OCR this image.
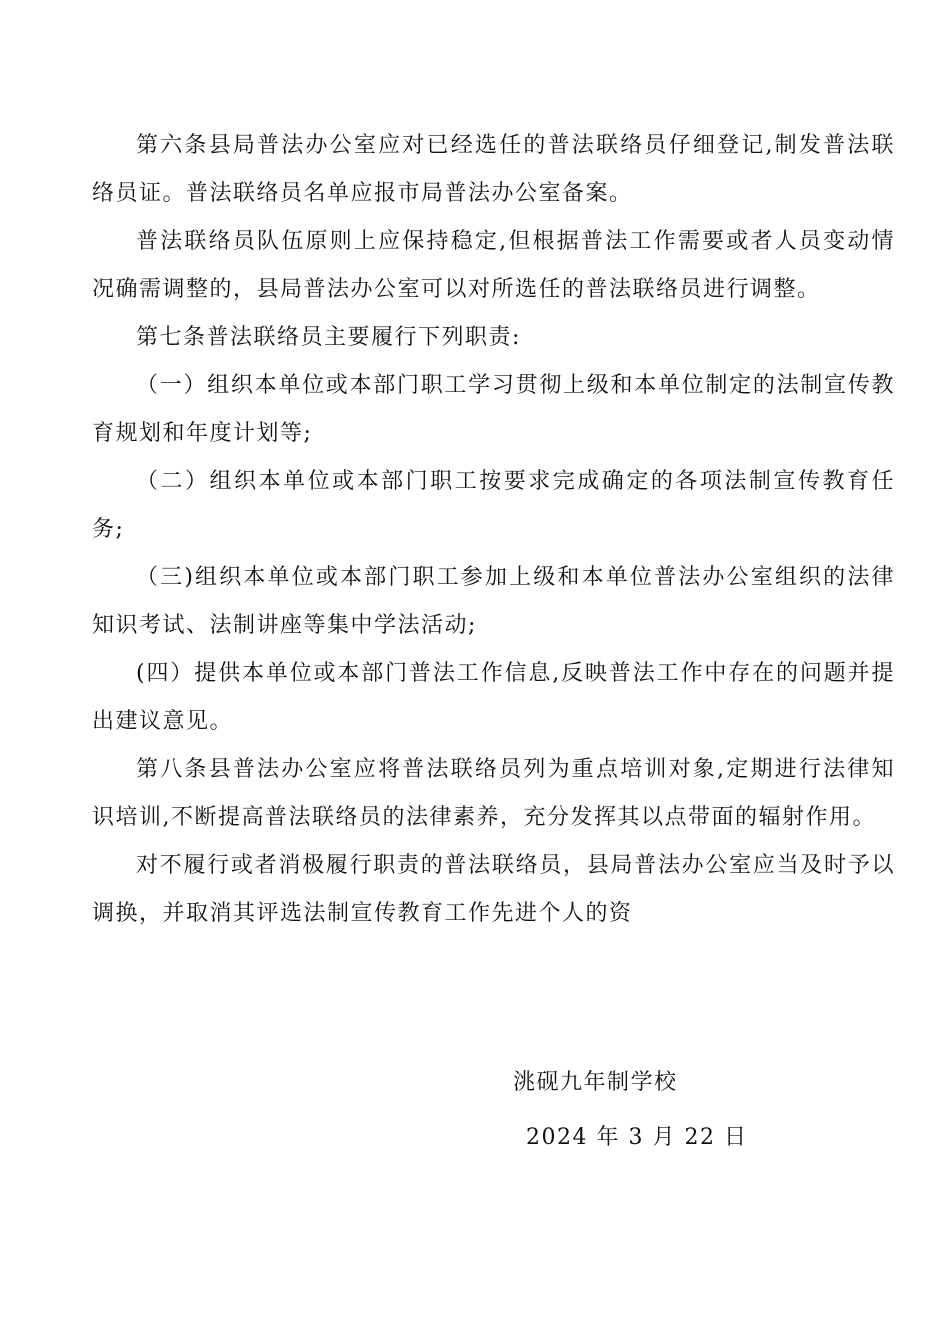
第六条县局普法办公室应对已经选任的普法联络员仔细登记,制发普法联络员证。普法联络员名单应报市局普法办公室备案。

普法联络员队伍原则上应保持稳定,但根据普法工作需要或者人员变动情况确需调整的，县局普法办公室可以对所选任的普法联络员进行调整。

第七条普法联络员主要履行下列职责:

（一）组织本单位或本部门职工学习贯彻上级和本单位制定的法制宣传教育规划和年度计划等;

（二）组织本单位或本部门职工按要求完成确定的各项法制宣传教育任务;

（三)组织本单位或本部门职工参加上级和本单位普法办公室组织的法律知识考试、法制讲座等集中学法活动;

(四）提供本单位或本部门普法工作信息,反映普法工作中存在的问题并提出建议意见。

第八条县普法办公室应将普法联络员列为重点培训对象,定期进行法律知识培训,不断提高普法联络员的法律素养，充分发挥其以点带面的辐射作用。

对不履行或者消极履行职责的普法联络员，县局普法办公室应当及时予以调换，并取消其评选法制宣传教育工作先进个人的资

洮砚九年制学校

2024 年 3 月 22 日
